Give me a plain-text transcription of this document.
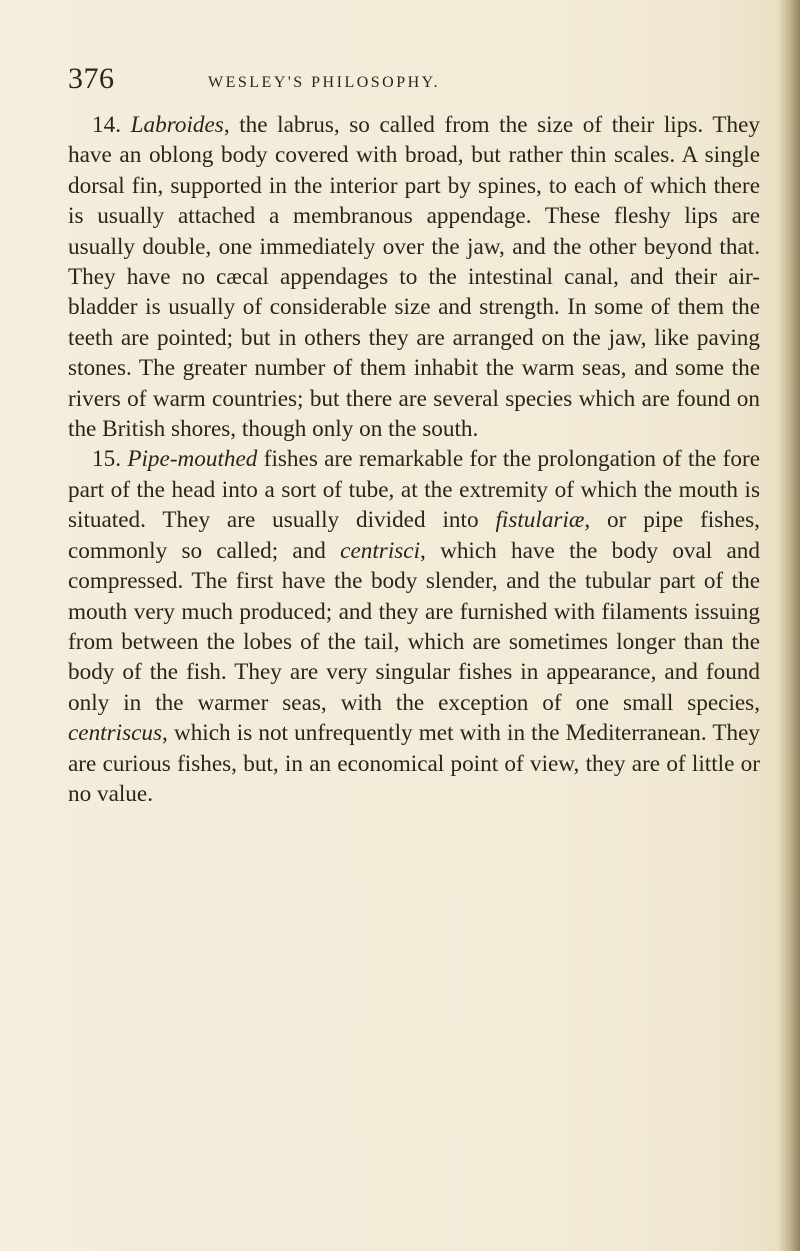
376	WESLEY'S PHILOSOPHY.

14. Labroides, the labrus, so called from the size of their lips. They have an oblong body covered with broad, but rather thin scales. A single dorsal fin, supported in the interior part by spines, to each of which there is usually attached a membranous appendage. These fleshy lips are usually double, one immediately over the jaw, and the other beyond that. They have no cæcal appendages to the intestinal canal, and their air-bladder is usually of considerable size and strength. In some of them the teeth are pointed; but in others they are arranged on the jaw, like paving stones. The greater number of them inhabit the warm seas, and some the rivers of warm countries; but there are several species which are found on the British shores, though only on the south.

15. Pipe-mouthed fishes are remarkable for the prolongation of the fore part of the head into a sort of tube, at the extremity of which the mouth is situated. They are usually divided into fistulariæ, or pipe fishes, commonly so called; and centrisci, which have the body oval and compressed. The first have the body slender, and the tubular part of the mouth very much produced; and they are furnished with filaments issuing from between the lobes of the tail, which are sometimes longer than the body of the fish. They are very singular fishes in appearance, and found only in the warmer seas, with the exception of one small species, centriscus, which is not unfrequently met with in the Mediterranean. They are curious fishes, but, in an economical point of view, they are of little or no value.
